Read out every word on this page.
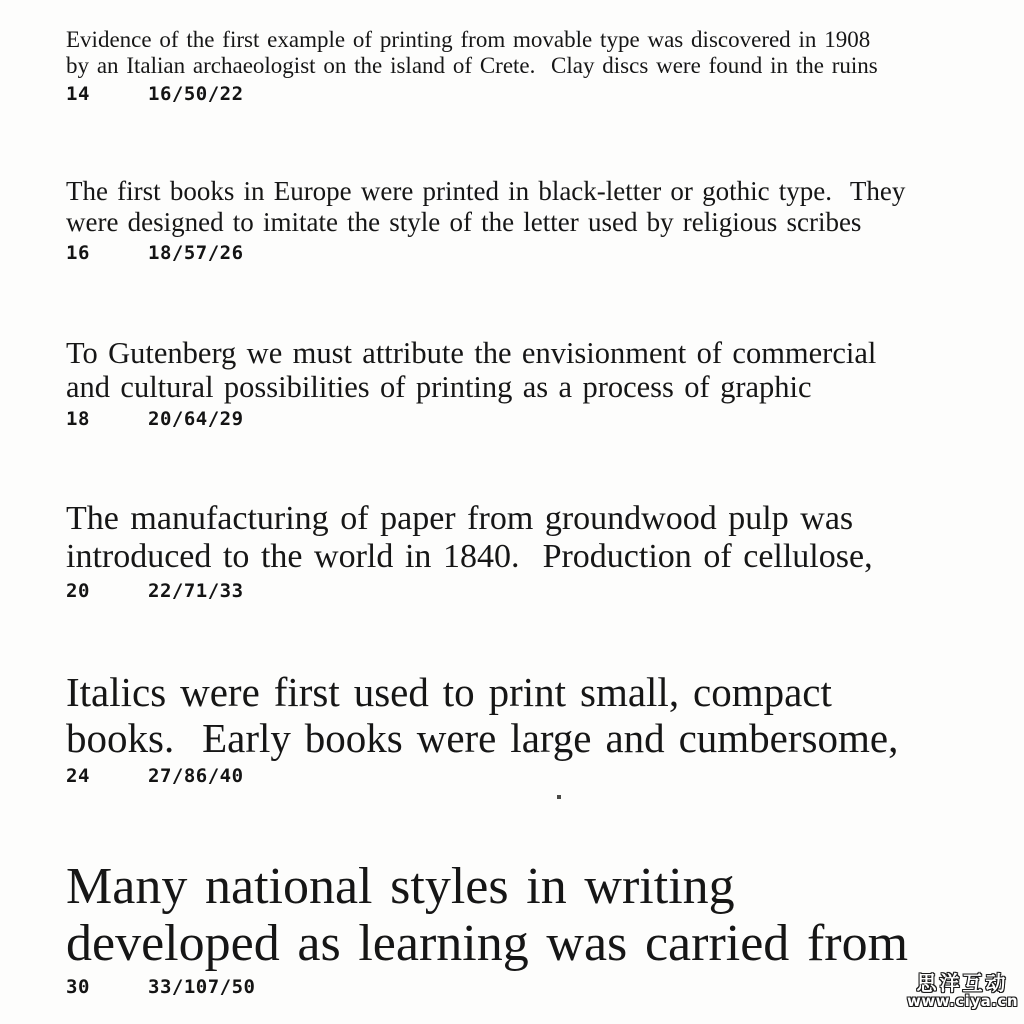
Evidence of the first example of printing from movable type was discovered in 1908
by an Italian archaeologist on the island of Crete.  Clay discs were found in the ruins
14	16/50/22
The first books in Europe were printed in black-letter or gothic type.  They
were designed to imitate the style of the letter used by religious scribes
16	18/57/26
To Gutenberg we must attribute the envisionment of commercial
and cultural possibilities of printing as a process of graphic
18	20/64/29
The manufacturing of paper from groundwood pulp was
introduced to the world in 1840.  Production of cellulose,
20	22/71/33
Italics were first used to print small, compact
books.  Early books were large and cumbersome,
24	27/86/40
Many national styles in writing
developed as learning was carried from
30	33/107/50	思洋互动
www.ciya.cn
